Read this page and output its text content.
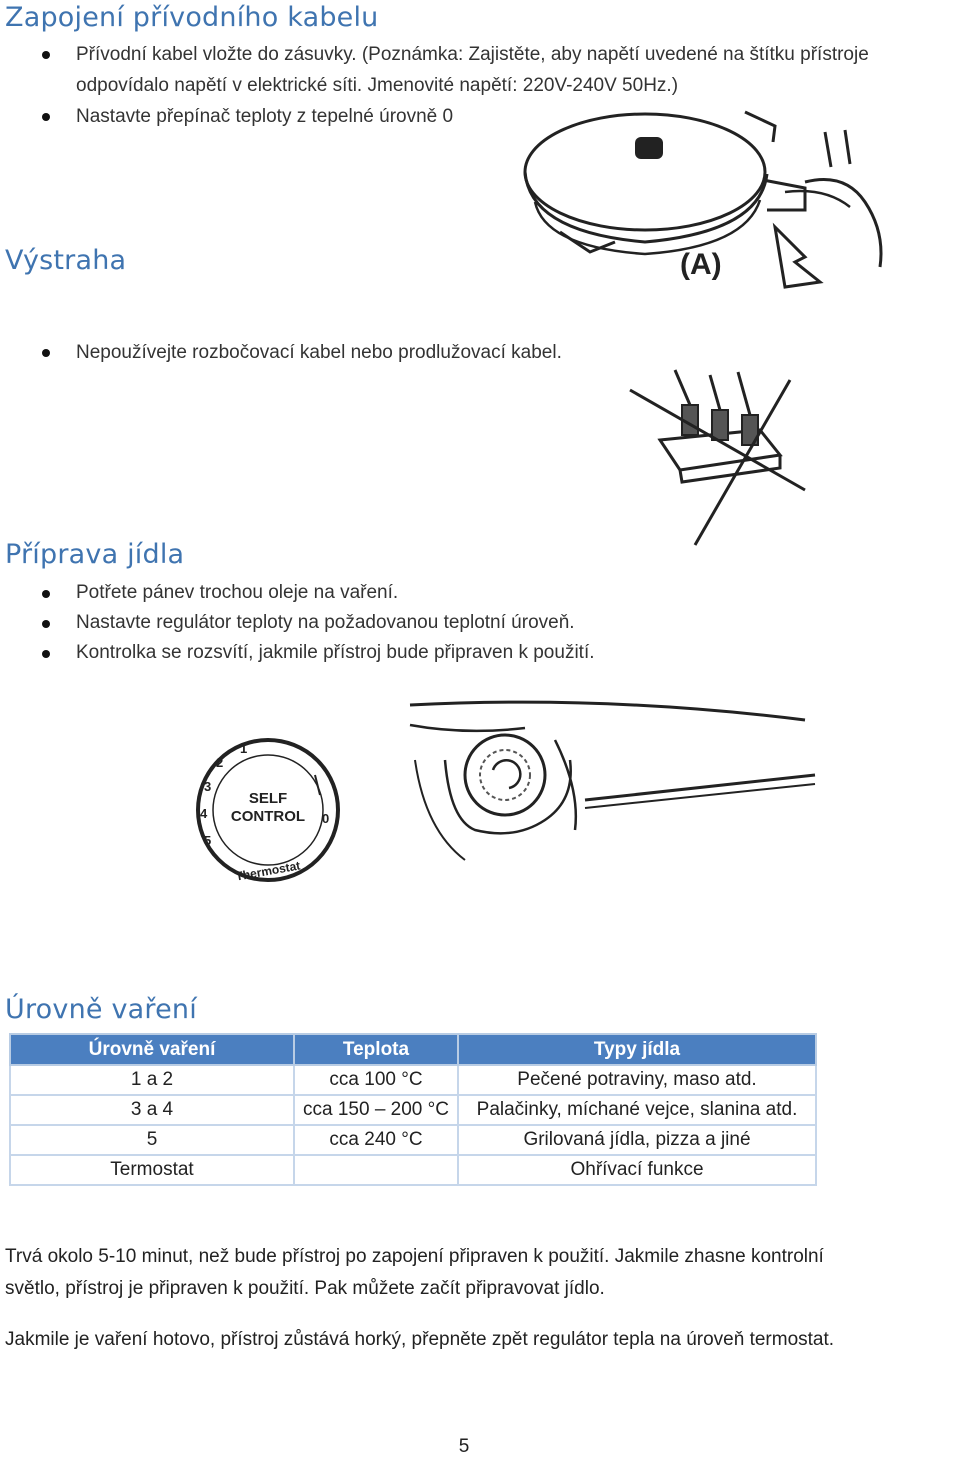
Zapojení přívodního kabelu
Přívodní kabel vložte do zásuvky. (Poznámka: Zajistěte, aby napětí uvedené na štítku přístroje
odpovídalo napětí v elektrické síti. Jmenovité napětí: 220V-240V 50Hz.)
Nastavte přepínač teploty z tepelné úrovně 0
(A)
Výstraha
Nepoužívejte rozbočovací kabel nebo prodlužovací kabel.
Příprava jídla
Potřete pánev trochou oleje na vaření.
Nastavte regulátor teploty na požadovanou teplotní úroveň.
Kontrolka se rozsvítí, jakmile přístroj bude připraven k použití.
SELF
CONTROL
1
2
3
4
5
0
Thermostat
Úrovně vaření
Úrovně vaření	Teplota	Typy jídla
1 a 2	cca 100 °C	Pečené potraviny, maso atd.
3 a 4	cca 150 – 200 °C	Palačinky, míchané vejce, slanina atd.
5	cca 240 °C	Grilovaná jídla, pizza a jiné
Termostat		Ohřívací funkce
Trvá okolo 5-10 minut, než bude přístroj po zapojení připraven k použití. Jakmile zhasne kontrolní
světlo, přístroj je připraven k použití. Pak můžete začít připravovat jídlo.
Jakmile je vaření hotovo, přístroj zůstává horký, přepněte zpět regulátor tepla na úroveň termostat.
5
